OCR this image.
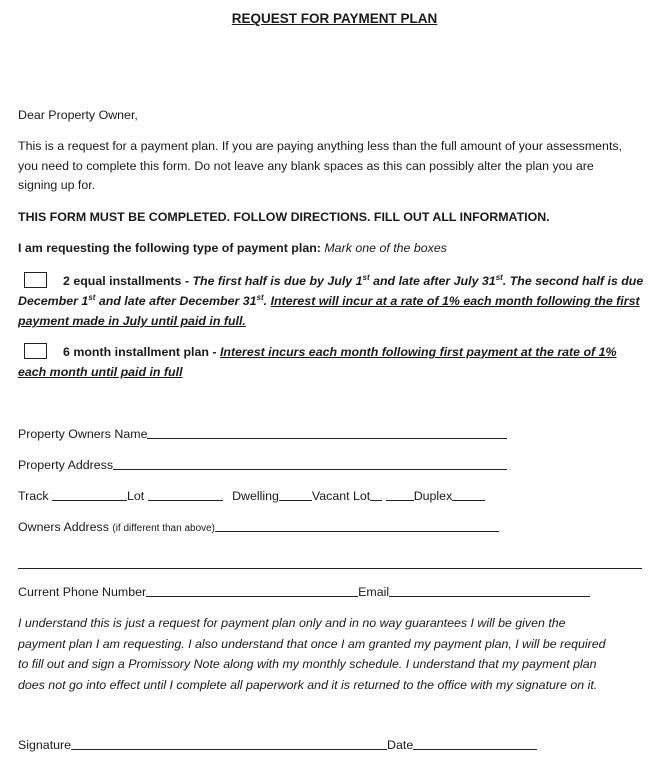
REQUEST FOR PAYMENT PLAN
Dear Property Owner,
This is a request for a payment plan. If you are paying anything less than the full amount of your assessments,
you need to complete this form. Do not leave any blank spaces as this can possibly alter the plan you are
signing up for.
THIS FORM MUST BE COMPLETED. FOLLOW DIRECTIONS. FILL OUT ALL INFORMATION.
I am requesting the following type of payment plan: Mark one of the boxes
2 equal installments - The first half is due by July 1st and late after July 31st. The second half is due
December 1st and late after December 31st. Interest will incur at a rate of 1% each month following the first
payment made in July until paid in full.
6 month installment plan - Interest incurs each month following first payment at the rate of 1%
each month until paid in full
Property Owners Name
Property Address
Track	Lot	Dwelling	Vacant Lot	Duplex
Owners Address (if different than above)
Current Phone Number	Email
I understand this is just a request for payment plan only and in no way guarantees I will be given the
payment plan I am requesting. I also understand that once I am granted my payment plan, I will be required
to fill out and sign a Promissory Note along with my monthly schedule. I understand that my payment plan
does not go into effect until I complete all paperwork and it is returned to the office with my signature on it.
Signature	Date
